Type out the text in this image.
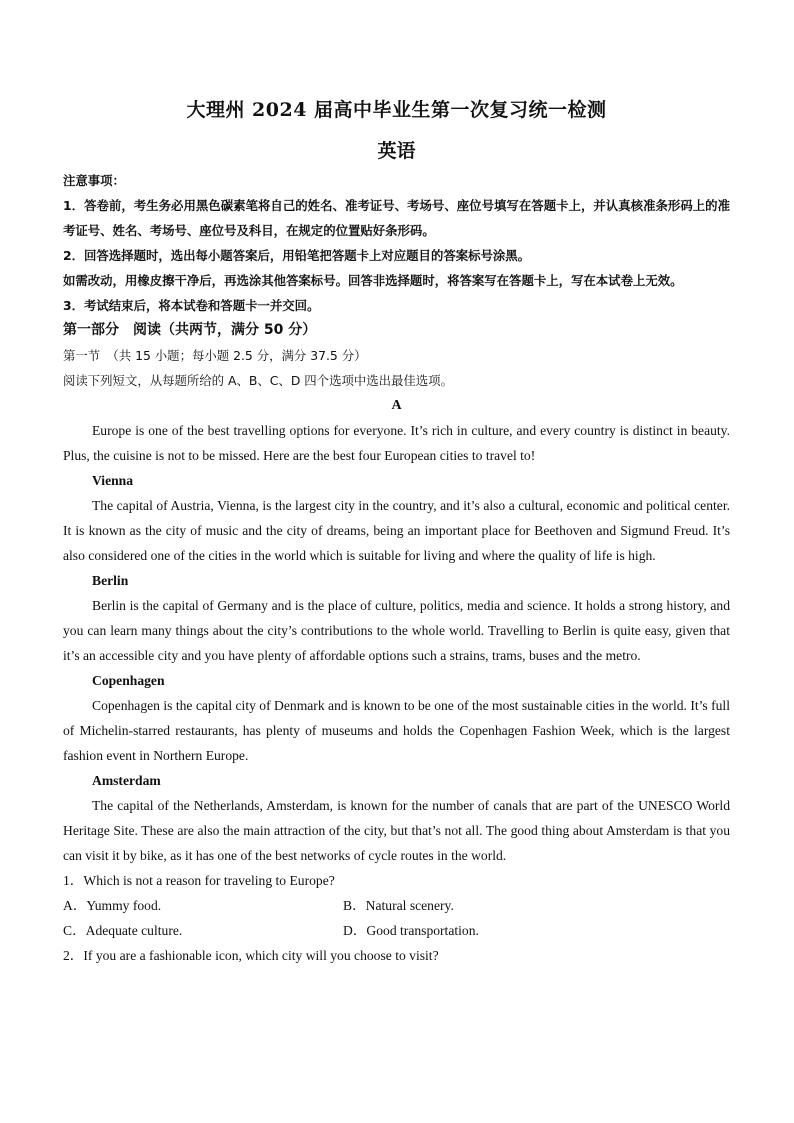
大理州 2024 届高中毕业生第一次复习统一检测
英语
注意事项：
1．答卷前，考生务必用黑色碳素笔将自己的姓名、准考证号、考场号、座位号填写在答题卡上，并认真核准条形码上的准考证号、姓名、考场号、座位号及科目，在规定的位置贴好条形码。
2．回答选择题时，选出每小题答案后，用铅笔把答题卡上对应题目的答案标号涂黑。
如需改动，用橡皮擦干净后，再选涂其他答案标号。回答非选择题时，将答案写在答题卡上，写在本试卷上无效。
3．考试结束后，将本试卷和答题卡一并交回。
第一部分　阅读（共两节，满分 50 分）
第一节　（共 15 小题；每小题 2.5 分，满分 37.5 分）
阅读下列短文，从每题所给的 A、B、C、D 四个选项中选出最佳选项。
A

Europe is one of the best travelling options for everyone. It’s rich in culture, and every country is distinct in beauty. Plus, the cuisine is not to be missed. Here are the best four European cities to travel to!

Vienna

The capital of Austria, Vienna, is the largest city in the country, and it’s also a cultural, economic and political center. It is known as the city of music and the city of dreams, being an important place for Beethoven and Sigmund Freud. It’s also considered one of the cities in the world which is suitable for living and where the quality of life is high.

Berlin

Berlin is the capital of Germany and is the place of culture, politics, media and science. It holds a strong history, and you can learn many things about the city’s contributions to the whole world. Travelling to Berlin is quite easy, given that it’s an accessible city and you have plenty of affordable options such a strains, trams, buses and the metro.

Copenhagen

Copenhagen is the capital city of Denmark and is known to be one of the most sustainable cities in the world. It’s full of Michelin-starred restaurants, has plenty of museums and holds the Copenhagen Fashion Week, which is the largest fashion event in Northern Europe.

Amsterdam

The capital of the Netherlands, Amsterdam, is known for the number of canals that are part of the UNESCO World Heritage Site. These are also the main attraction of the city, but that’s not all. The good thing about Amsterdam is that you can visit it by bike, as it has one of the best networks of cycle routes in the world.

1．Which is not a reason for traveling to Europe?
A．Yummy food.	B．Natural scenery.
C．Adequate culture.	D．Good transportation.
2．If you are a fashionable icon, which city will you choose to visit?
